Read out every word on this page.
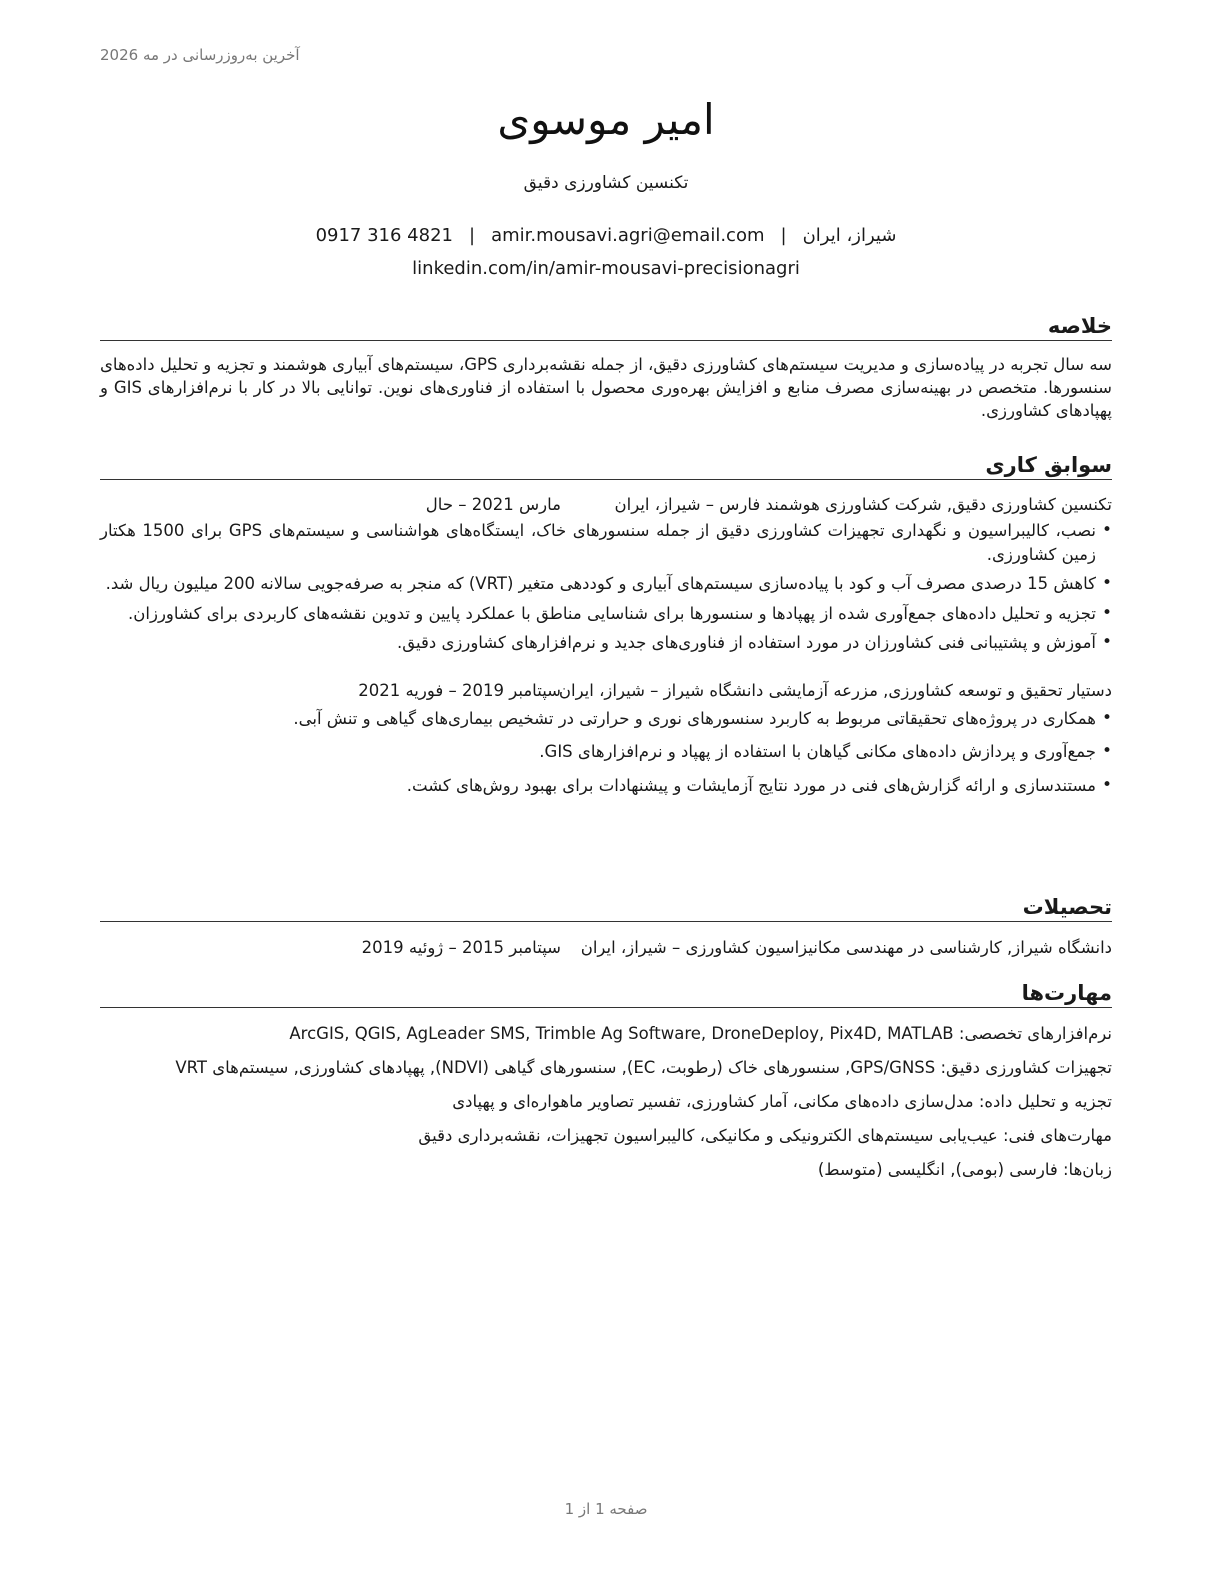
آخرین به‌روزرسانی در مه 2026
امیر موسوی
تکنسین کشاورزی دقیق
شیراز، ایران|amir.mousavi.agri@email.com|0917 316 4821
linkedin.com/in/amir-mousavi-precisionagri
خلاصه

سه سال تجربه در پیاده‌سازی و مدیریت سیستم‌های کشاورزی دقیق، از جمله نقشه‌برداری GPS، سیستم‌های آبیاری هوشمند و تجزیه و تحلیل داده‌های سنسورها. متخصص در بهینه‌سازی مصرف منابع و افزایش بهره‌وری محصول با استفاده از فناوری‌های نوین. توانایی بالا در کار با نرم‌افزارهای GIS و پهپادهای کشاورزی.

سوابق کاری
تکنسین کشاورزی دقیق, شرکت کشاورزی هوشمند فارس – شیراز، ایران
مارس 2021 – حال
• نصب، کالیبراسیون و نگهداری تجهیزات کشاورزی دقیق از جمله سنسورهای خاک، ایستگاه‌های هواشناسی و سیستم‌های GPS برای 1500 هکتار زمین کشاورزی.
• کاهش 15 درصدی مصرف آب و کود با پیاده‌سازی سیستم‌های آبیاری و کوددهی متغیر (VRT) که منجر به صرفه‌جویی سالانه 200 میلیون ریال شد.
• تجزیه و تحلیل داده‌های جمع‌آوری شده از پهپادها و سنسورها برای شناسایی مناطق با عملکرد پایین و تدوین نقشه‌های کاربردی برای کشاورزان.
• آموزش و پشتیبانی فنی کشاورزان در مورد استفاده از فناوری‌های جدید و نرم‌افزارهای کشاورزی دقیق.
دستیار تحقیق و توسعه کشاورزی, مزرعه آزمایشی دانشگاه شیراز – شیراز، ایران
سپتامبر 2019 – فوریه 2021
• همکاری در پروژه‌های تحقیقاتی مربوط به کاربرد سنسورهای نوری و حرارتی در تشخیص بیماری‌های گیاهی و تنش آبی.
• جمع‌آوری و پردازش داده‌های مکانی گیاهان با استفاده از پهپاد و نرم‌افزارهای GIS.
• مستندسازی و ارائه گزارش‌های فنی در مورد نتایج آزمایشات و پیشنهادات برای بهبود روش‌های کشت.
تحصیلات
دانشگاه شیراز, کارشناسی در مهندسی مکانیزاسیون کشاورزی – شیراز، ایران
سپتامبر 2015 – ژوئیه 2019
مهارت‌ها
نرم‌افزارهای تخصصی: ArcGIS, QGIS, AgLeader SMS, Trimble Ag Software, DroneDeploy, Pix4D, MATLAB
تجهیزات کشاورزی دقیق: GPS/GNSS, سنسورهای خاک (رطوبت، EC), سنسورهای گیاهی (NDVI), پهپادهای کشاورزی, سیستم‌های VRT
تجزیه و تحلیل داده: مدل‌سازی داده‌های مکانی، آمار کشاورزی، تفسیر تصاویر ماهواره‌ای و پهپادی
مهارت‌های فنی: عیب‌یابی سیستم‌های الکترونیکی و مکانیکی، کالیبراسیون تجهیزات، نقشه‌برداری دقیق
زبان‌ها: فارسی (بومی), انگلیسی (متوسط)
صفحه 1 از 1
